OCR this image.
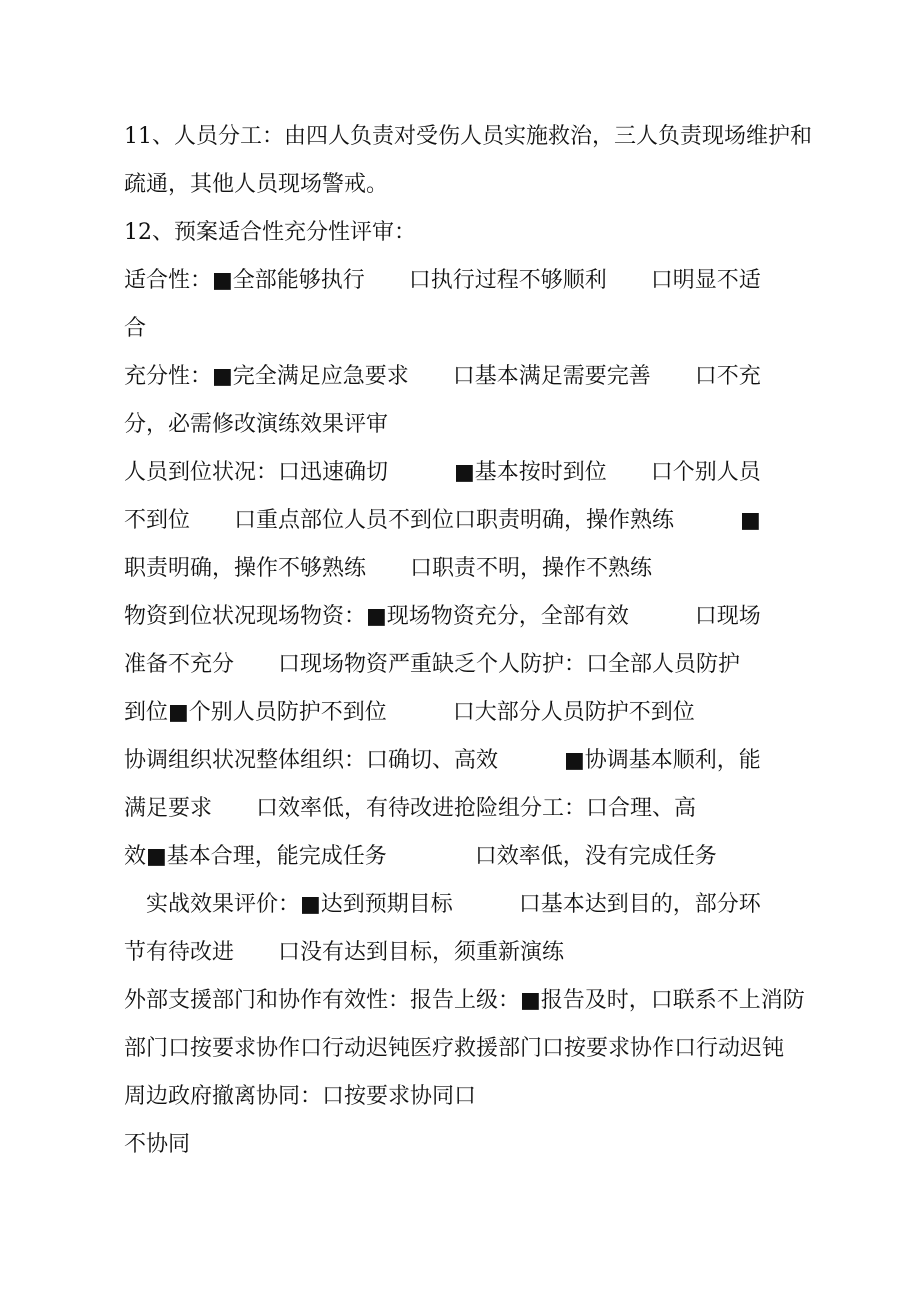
11、人员分工：由四人负责对受伤人员实施救治，三人负责现场维护和
疏通，其他人员现场警戒。
12、预案适合性充分性评审：
适合性：■全部能够执行　　口执行过程不够顺利　　口明显不适
合
充分性：■完全满足应急要求　　口基本满足需要完善　　口不充
分，必需修改演练效果评审
人员到位状况：口迅速确切　　　■基本按时到位　　口个别人员
不到位　　口重点部位人员不到位口职责明确，操作熟练　　　■
职责明确，操作不够熟练　　口职责不明，操作不熟练
物资到位状况现场物资：■现场物资充分，全部有效　　　口现场
准备不充分　　口现场物资严重缺乏个人防护：口全部人员防护
到位■个别人员防护不到位　　　口大部分人员防护不到位
协调组织状况整体组织：口确切、高效　　　■协调基本顺利，能
满足要求　　口效率低，有待改进抢险组分工：口合理、高
效■基本合理，能完成任务　　　　口效率低，没有完成任务
　实战效果评价：■达到预期目标　　　口基本达到目的，部分环
节有待改进　　口没有达到目标，须重新演练
外部支援部门和协作有效性：报告上级：■报告及时，口联系不上消防
部门口按要求协作口行动迟钝医疗救援部门口按要求协作口行动迟钝
周边政府撤离协同：口按要求协同口
不协同
